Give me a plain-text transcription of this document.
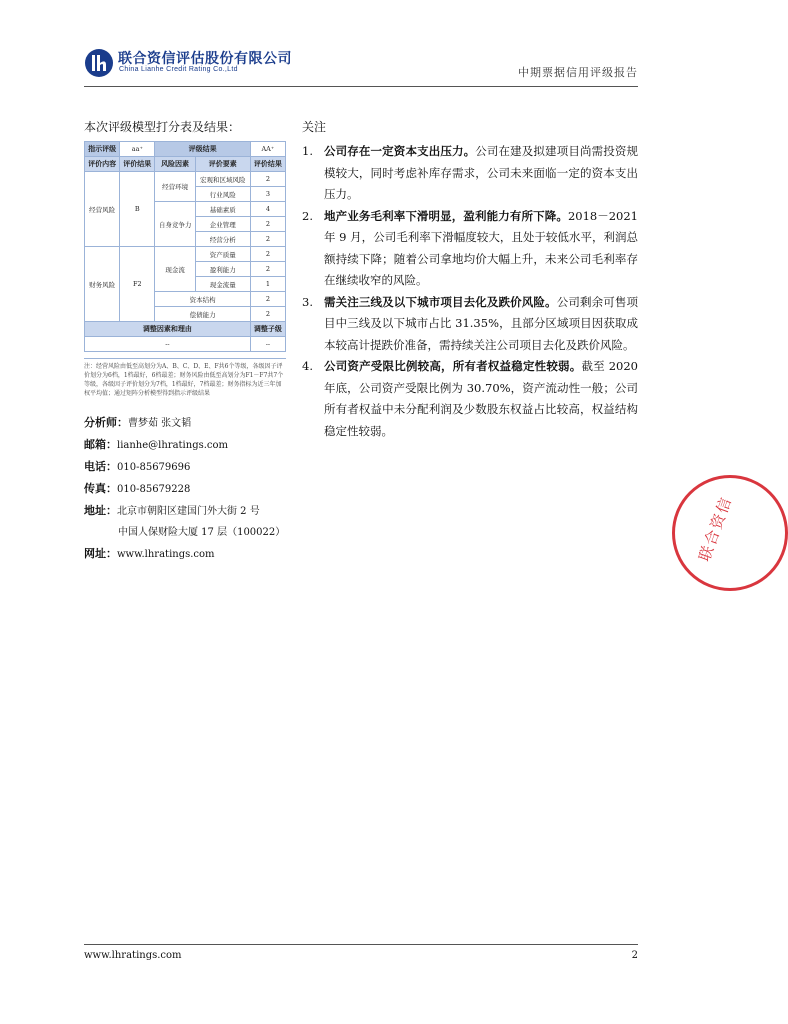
联合资信评估股份有限公司
China Lianhe Credit Rating Co.,Ltd	中期票据信用评级报告
本次评级模型打分表及结果：
指示评级	aa⁺	评级结果		AA⁺
评价内容	评价结果	风险因素	评价要素	评价结果
经营风险	B	经营环境	宏观和区域风险	2
			行业风险	3
		自身竞争力	基础素质	4
			企业管理	2
			经营分析	2
财务风险	F2	现金流	资产质量	2
			盈利能力	2
			现金流量	1
		资本结构		2
		偿债能力		2
调整因素和理由				调整子级
--				--
注：经营风险由低至高划分为A、B、C、D、E、F共6个等级，各级因子评价划分为6档，1档最好，6档最差；财务风险由低至高划分为F1－F7共7个等级，各级因子评价划分为7档，1档最好，7档最差；财务指标为近三年加权平均值；通过矩阵分析模型得到指示评级结果
分析师：曹梦茹 张文韬
邮箱：lianhe@lhratings.com
电话：010-85679696
传真：010-85679228
地址：北京市朝阳区建国门外大街 2 号
中国人保财险大厦 17 层（100022）
网址：www.lhratings.com
关注
1. 公司存在一定资本支出压力。公司在建及拟建项目尚需投资规模较大，同时考虑补库存需求，公司未来面临一定的资本支出压力。
2. 地产业务毛利率下滑明显，盈利能力有所下降。2018－2021 年 9 月，公司毛利率下滑幅度较大，且处于较低水平，利润总额持续下降；随着公司拿地均价大幅上升，未来公司毛利率存在继续收窄的风险。
3. 需关注三线及以下城市项目去化及跌价风险。公司剩余可售项目中三线及以下城市占比 31.35%，且部分区域项目因获取成本较高计提跌价准备，需持续关注公司项目去化及跌价风险。
4. 公司资产受限比例较高，所有者权益稳定性较弱。截至 2020 年底，公司资产受限比例为 30.70%，资产流动性一般；公司所有者权益中未分配利润及少数股东权益占比较高，权益结构稳定性较弱。
联合资信
www.lhratings.com	2
